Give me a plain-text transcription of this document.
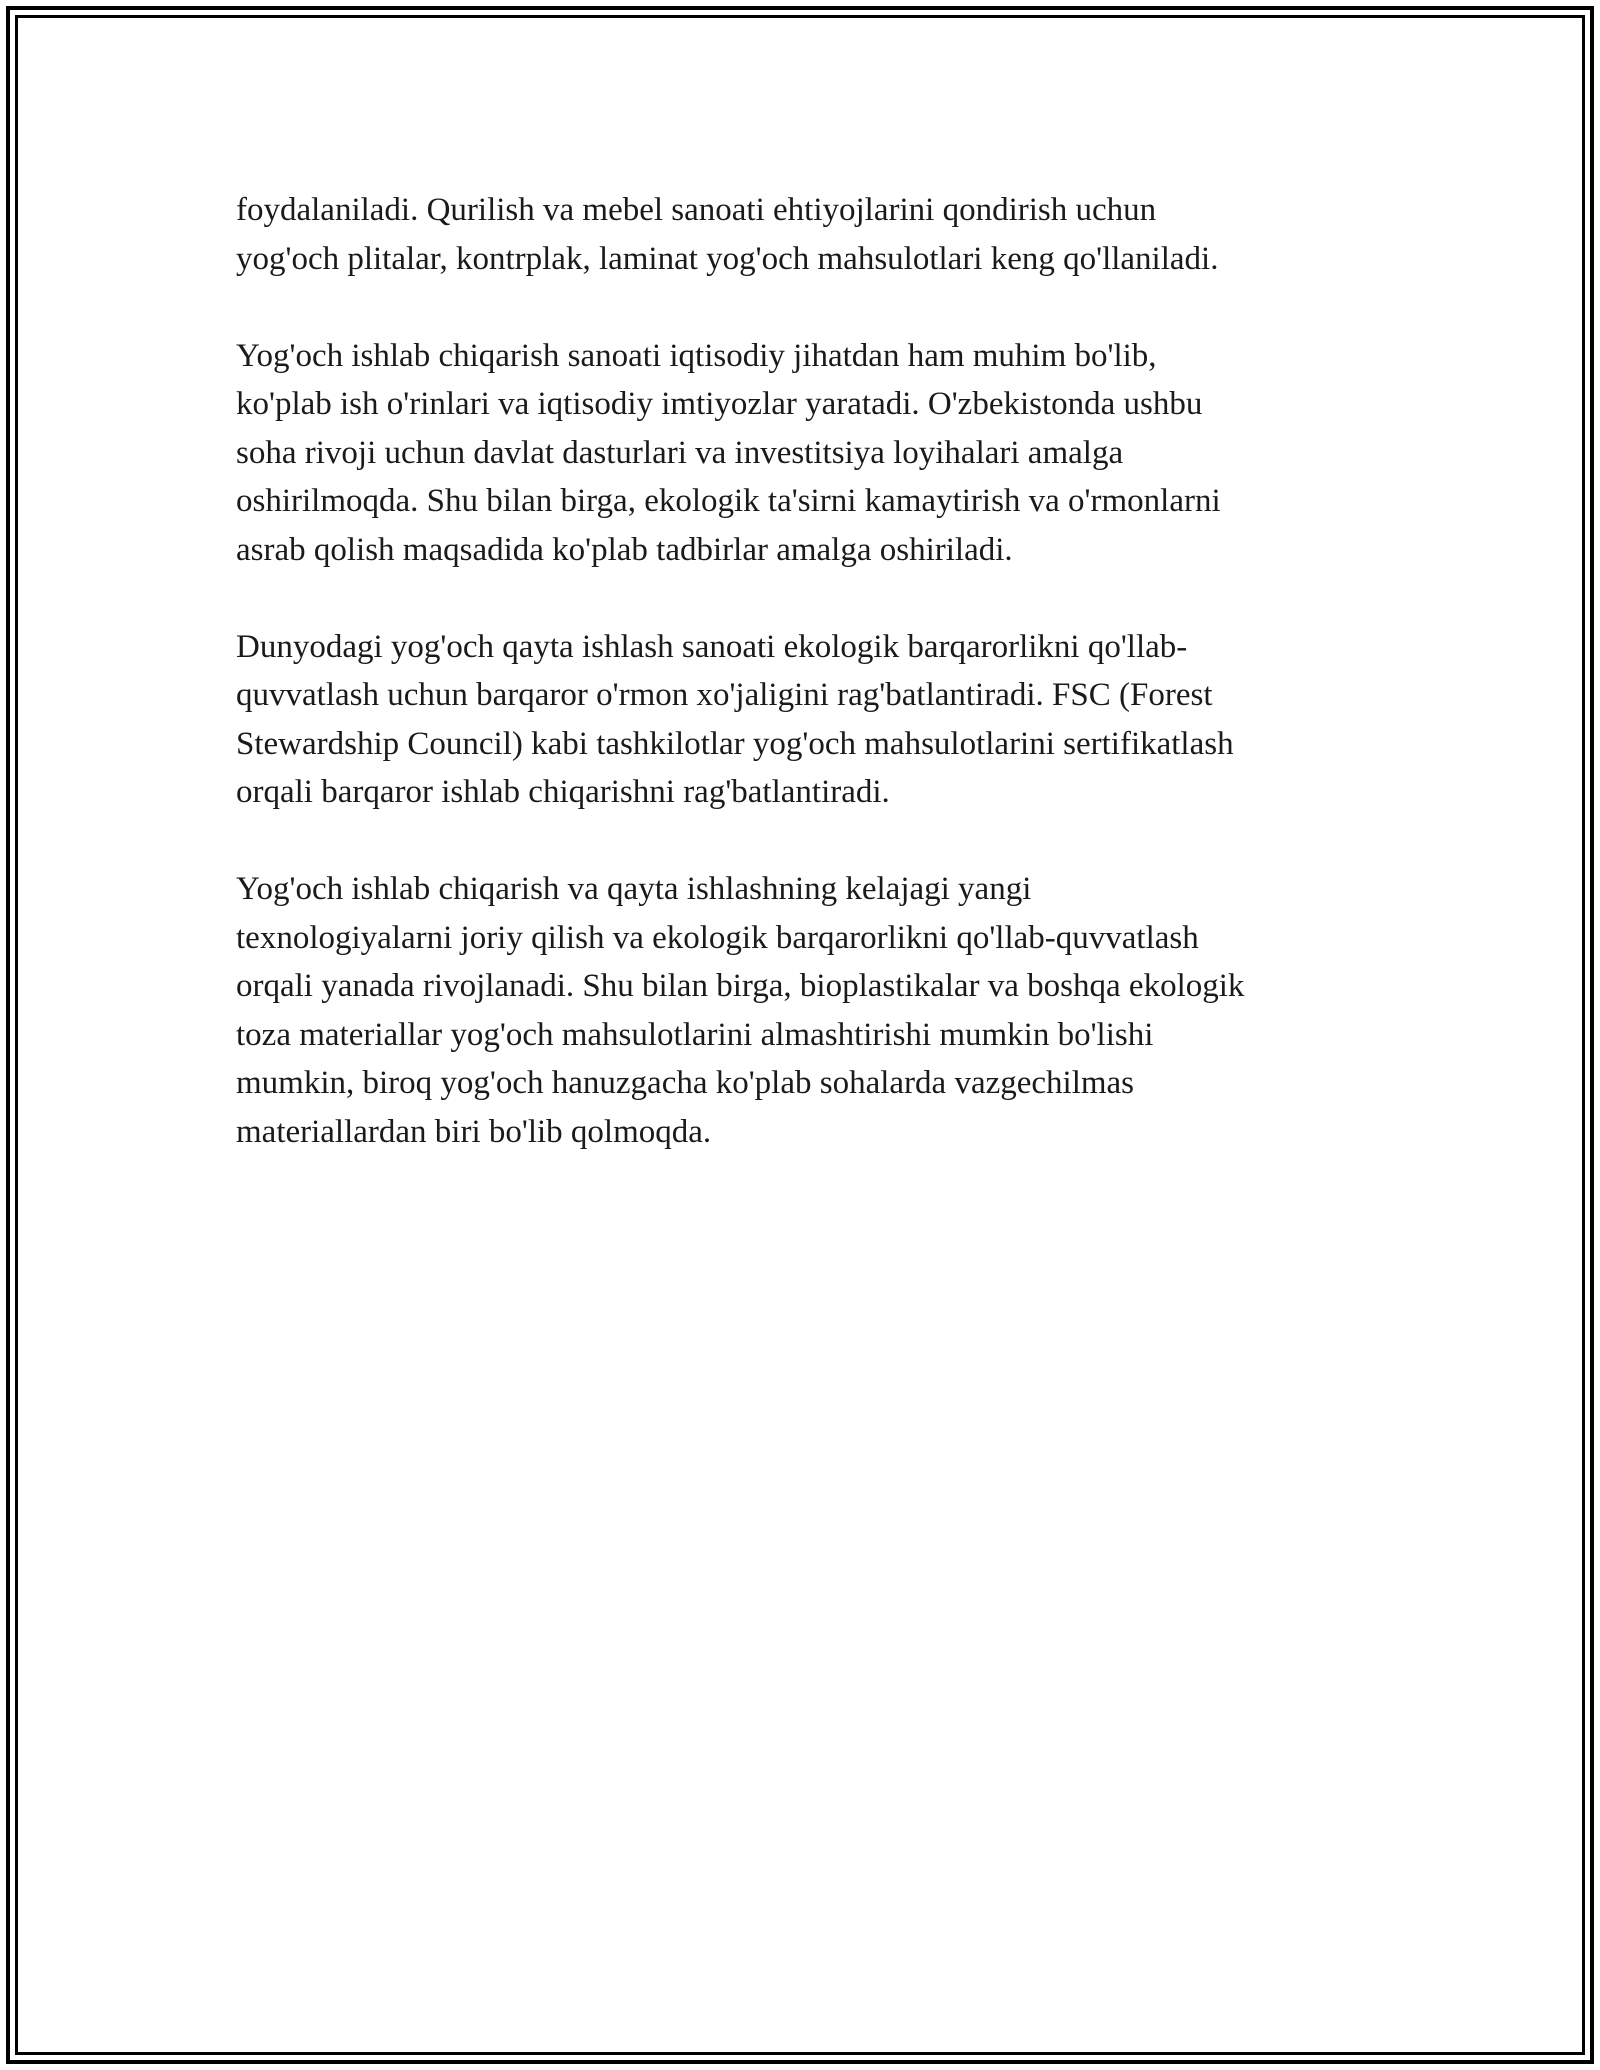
foydalaniladi. Qurilish va mebel sanoati ehtiyojlarini qondirish uchun
yog'och plitalar, kontrplak, laminat yog'och mahsulotlari keng qo'llaniladi.

Yog'och ishlab chiqarish sanoati iqtisodiy jihatdan ham muhim bo'lib,
ko'plab ish o'rinlari va iqtisodiy imtiyozlar yaratadi. O'zbekistonda ushbu
soha rivoji uchun davlat dasturlari va investitsiya loyihalari amalga
oshirilmoqda. Shu bilan birga, ekologik ta'sirni kamaytirish va o'rmonlarni
asrab qolish maqsadida ko'plab tadbirlar amalga oshiriladi.

Dunyodagi yog'och qayta ishlash sanoati ekologik barqarorlikni qo'llab-
quvvatlash uchun barqaror o'rmon xo'jaligini rag'batlantiradi. FSC (Forest
Stewardship Council) kabi tashkilotlar yog'och mahsulotlarini sertifikatlash
orqali barqaror ishlab chiqarishni rag'batlantiradi.

Yog'och ishlab chiqarish va qayta ishlashning kelajagi yangi
texnologiyalarni joriy qilish va ekologik barqarorlikni qo'llab-quvvatlash
orqali yanada rivojlanadi. Shu bilan birga, bioplastikalar va boshqa ekologik
toza materiallar yog'och mahsulotlarini almashtirishi mumkin bo'lishi
mumkin, biroq yog'och hanuzgacha ko'plab sohalarda vazgechilmas
materiallardan biri bo'lib qolmoqda.
